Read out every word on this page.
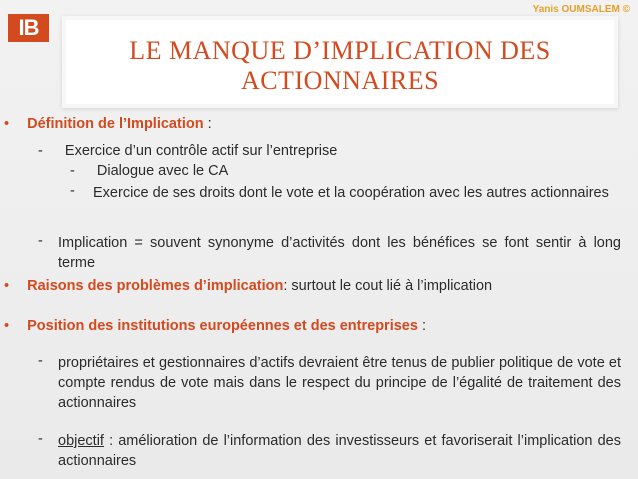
IB
Yanis OUMSALEM ©
LE MANQUE D’IMPLICATION DES ACTIONNAIRES
• Définition de l’Implication :
- Exercice d’un contrôle actif sur l’entreprise
- Dialogue avec le CA
- Exercice de ses droits dont le vote et la coopération avec les autres actionnaires
- Implication = souvent synonyme d’activités dont les bénéfices se font sentir à long terme
• Raisons des problèmes d’implication: surtout le cout lié à l’implication
• Position des institutions européennes et des entreprises :
- propriétaires et gestionnaires d’actifs devraient être tenus de publier politique de vote et compte rendus de vote mais dans le respect du principe de l’égalité de traitement des actionnaires
- objectif : amélioration de l’information des investisseurs et favoriserait l’implication des actionnaires
